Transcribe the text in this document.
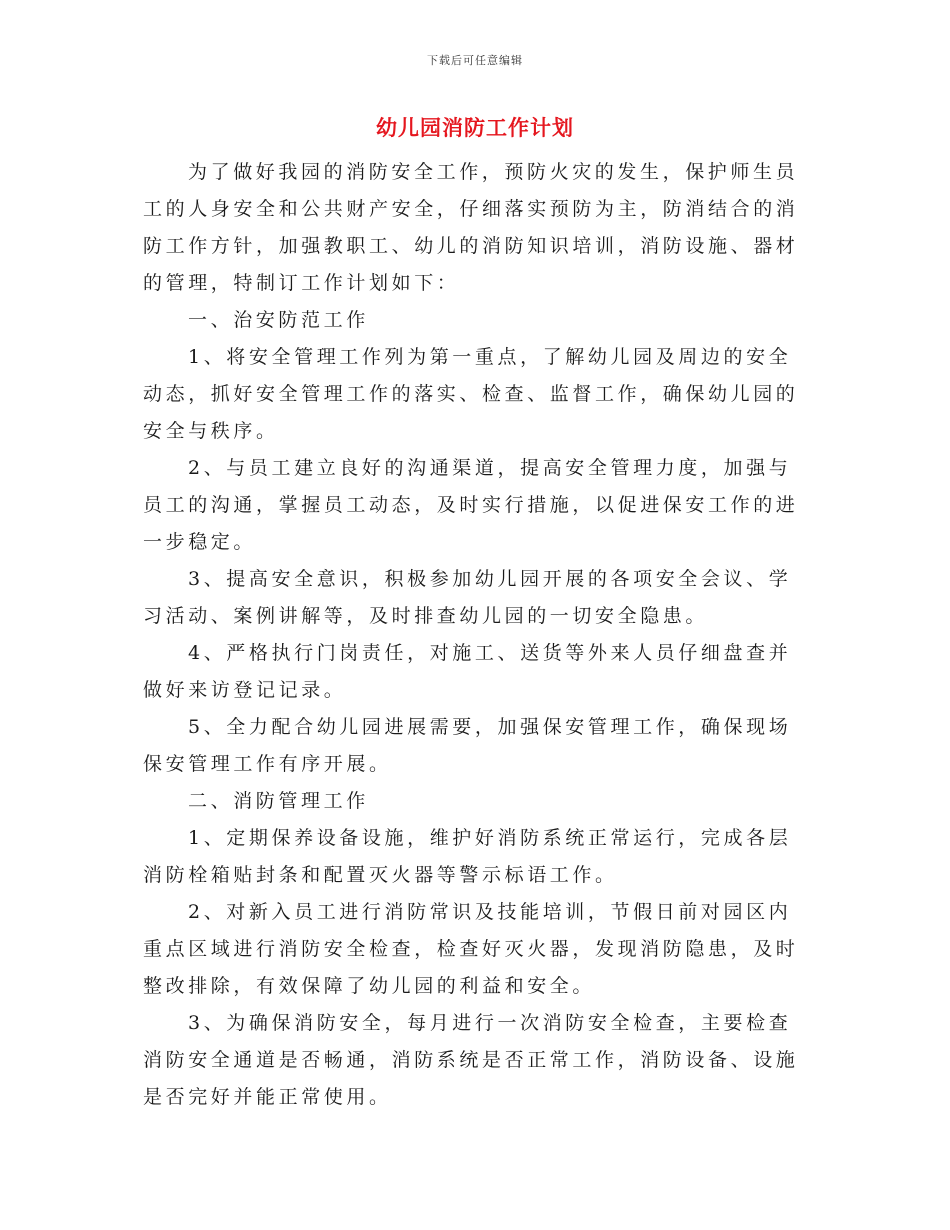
下载后可任意编辑
幼儿园消防工作计划

为了做好我园的消防安全工作，预防火灾的发生，保护师生员工的人身安全和公共财产安全，仔细落实预防为主，防消结合的消防工作方针，加强教职工、幼儿的消防知识培训，消防设施、器材的管理，特制订工作计划如下：

一、治安防范工作

1、将安全管理工作列为第一重点，了解幼儿园及周边的安全动态，抓好安全管理工作的落实、检查、监督工作，确保幼儿园的安全与秩序。

2、与员工建立良好的沟通渠道，提高安全管理力度，加强与员工的沟通，掌握员工动态，及时实行措施，以促进保安工作的进一步稳定。

3、提高安全意识，积极参加幼儿园开展的各项安全会议、学习活动、案例讲解等，及时排查幼儿园的一切安全隐患。

4、严格执行门岗责任，对施工、送货等外来人员仔细盘查并做好来访登记记录。

5、全力配合幼儿园进展需要，加强保安管理工作，确保现场保安管理工作有序开展。

二、消防管理工作

1、定期保养设备设施，维护好消防系统正常运行，完成各层消防栓箱贴封条和配置灭火器等警示标语工作。

2、对新入员工进行消防常识及技能培训，节假日前对园区内重点区域进行消防安全检查，检查好灭火器，发现消防隐患，及时整改排除，有效保障了幼儿园的利益和安全。

3、为确保消防安全，每月进行一次消防安全检查，主要检查消防安全通道是否畅通，消防系统是否正常工作，消防设备、设施是否完好并能正常使用。
